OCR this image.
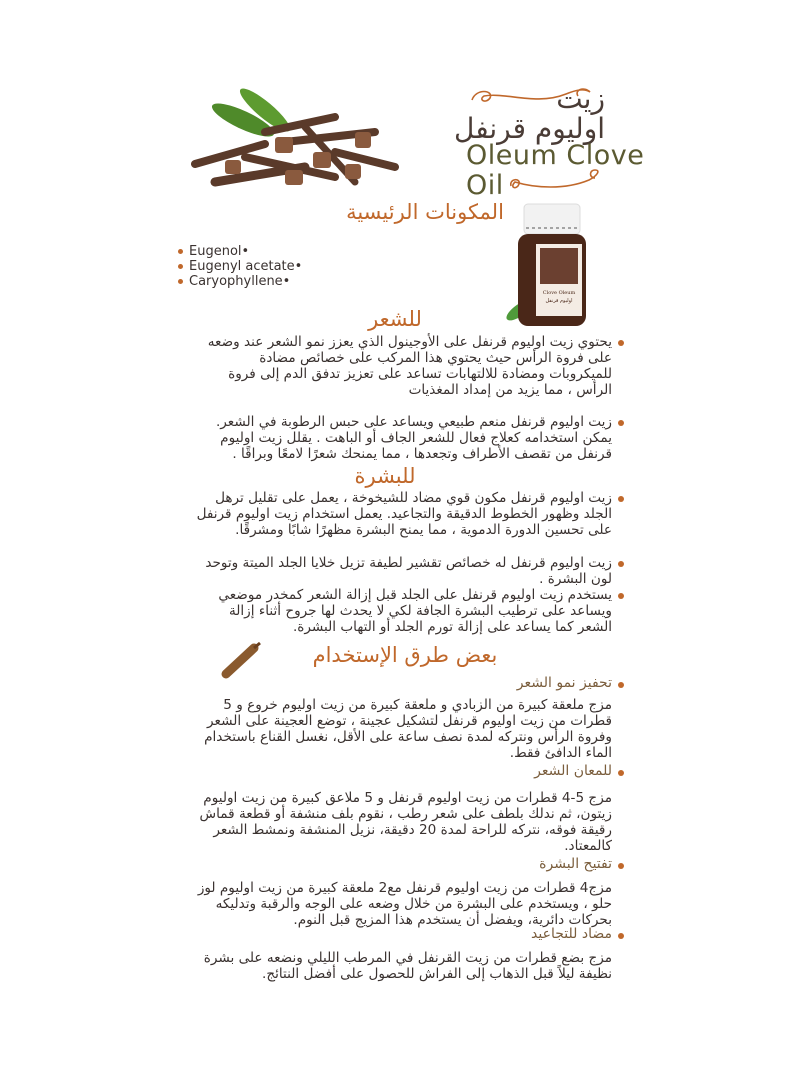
زيت
اوليوم قرنفل
Oleum Clove
Oil
المكونات الرئيسية
Eugenol•
Eugenyl acetate•
Caryophyllene•
Clove Oleum
اوليوم قرنفل
للشعر
يحتوي زيت اوليوم قرنفل على الأوجينول الذي يعزز نمو الشعر عند وضعه على فروة الرأس حيث يحتوي هذا المركب على خصائص مضادة للميكروبات ومضادة للالتهابات تساعد على تعزيز تدفق الدم إلى فروة الرأس ، مما يزيد من إمداد المغذيات
زيت اوليوم قرنفل منعم طبيعي ويساعد على حبس الرطوبة في الشعر. يمكن استخدامه كعلاج فعال للشعر الجاف أو الباهت . يقلل زيت اوليوم قرنفل من تقصف الأطراف وتجعدها ، مما يمنحك شعرًا لامعًا وبراقًا .
للبشرة
زيت اوليوم قرنفل مكون قوي مضاد للشيخوخة ، يعمل على تقليل ترهل الجلد وظهور الخطوط الدقيقة والتجاعيد. يعمل استخدام زيت اوليوم قرنفل على تحسين الدورة الدموية ، مما يمنح البشرة مظهرًا شابًا ومشرقًا.
زيت اوليوم قرنفل له خصائص تقشير لطيفة تزيل خلايا الجلد الميتة وتوحد لون البشرة .
يستخدم زيت اوليوم قرنفل على الجلد قبل إزالة الشعر كمخدر موضعي ويساعد على ترطيب البشرة الجافة لكي لا يحدث لها جروح أثناء إزالة الشعر كما يساعد على إزالة تورم الجلد أو التهاب البشرة.
بعض طرق الإستخدام
تحفيز نمو الشعر
مزج ملعقة كبيرة من الزبادي و ملعقة كبيرة من زيت اوليوم خروع و 5 قطرات من زيت اوليوم قرنفل لتشكيل عجينة ، توضع العجينة على الشعر وفروة الرأس ونتركه لمدة نصف ساعة على الأقل، نغسل القناع باستخدام الماء الدافئ فقط.
للمعان الشعر
مزج 5-4 قطرات من زيت اوليوم قرنفل و 5 ملاعق كبيرة من زيت اوليوم زيتون، ثم ندلك بلطف على شعر رطب ، نقوم بلف منشفة أو قطعة قماش رقيقة فوقه، نتركه للراحة لمدة 20 دقيقة، نزيل المنشفة ونمشط الشعر كالمعتاد.
تفتيح البشرة
مزج4 قطرات من زيت اوليوم قرنفل مع2 ملعقة كبيرة من زيت اوليوم لوز حلو ، ويستخدم على البشرة من خلال وضعه على الوجه والرقبة وتدليكه بحركات دائرية، ويفضل أن يستخدم هذا المزيج قبل النوم.
مضاد للتجاعيد
مزج بضع قطرات من زيت القرنفل في المرطب الليلي ونضعه على بشرة نظيفة ليلاً قبل الذهاب إلى الفراش للحصول على أفضل النتائج.
